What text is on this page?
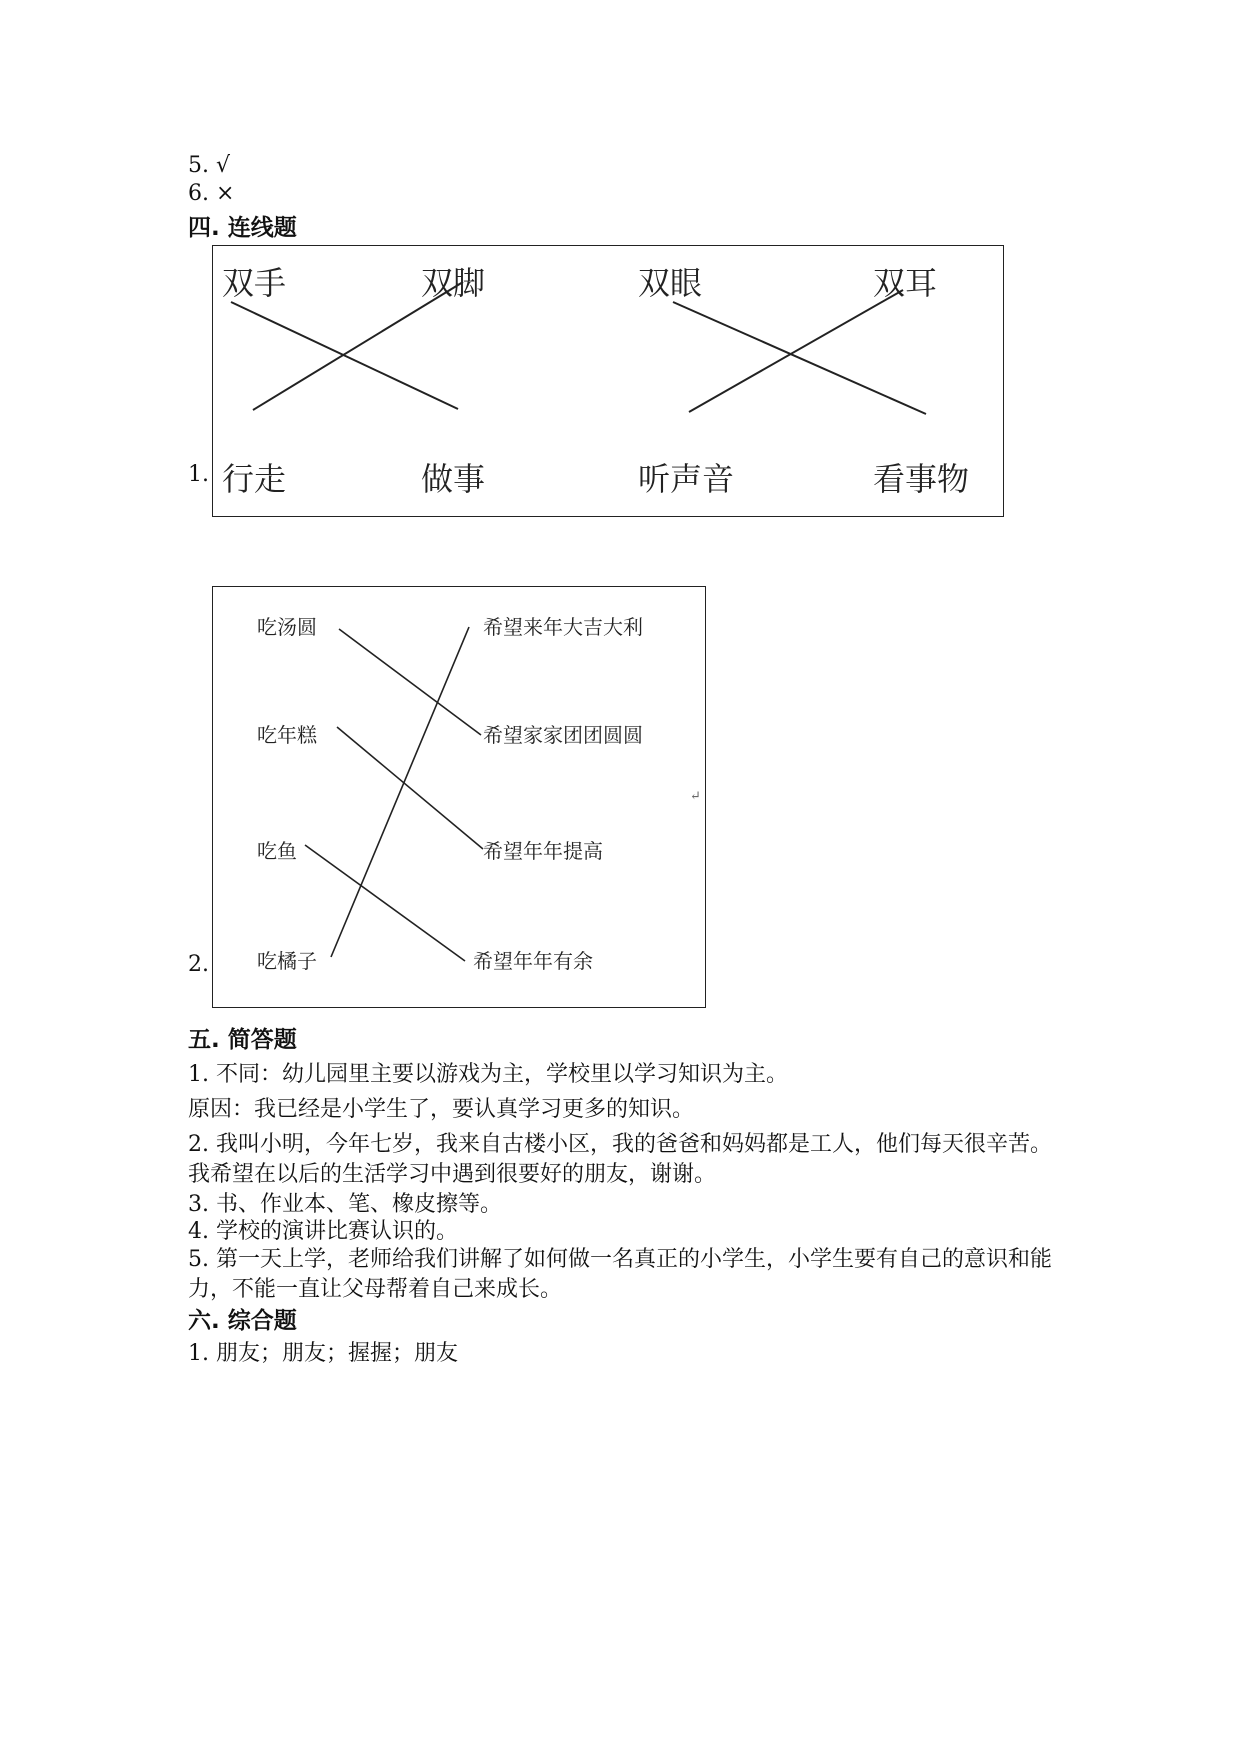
5. √
6. ×
四. 连线题
1.
双手	双脚	双眼	双耳
行走	做事	听声音	看事物
2.
吃汤圆
吃年糕
吃鱼
吃橘子
希望来年大吉大利
希望家家团团圆圆
希望年年提高
希望年年有余
↵
五. 简答题
1. 不同：幼儿园里主要以游戏为主，学校里以学习知识为主。
原因：我已经是小学生了，要认真学习更多的知识。
2. 我叫小明，今年七岁，我来自古楼小区，我的爸爸和妈妈都是工人，他们每天很辛苦。我希望在以后的生活学习中遇到很要好的朋友，谢谢。
3. 书、作业本、笔、橡皮擦等。
4. 学校的演讲比赛认识的。
5. 第一天上学，老师给我们讲解了如何做一名真正的小学生，小学生要有自己的意识和能力，不能一直让父母帮着自己来成长。
六. 综合题
1. 朋友；朋友；握握；朋友
